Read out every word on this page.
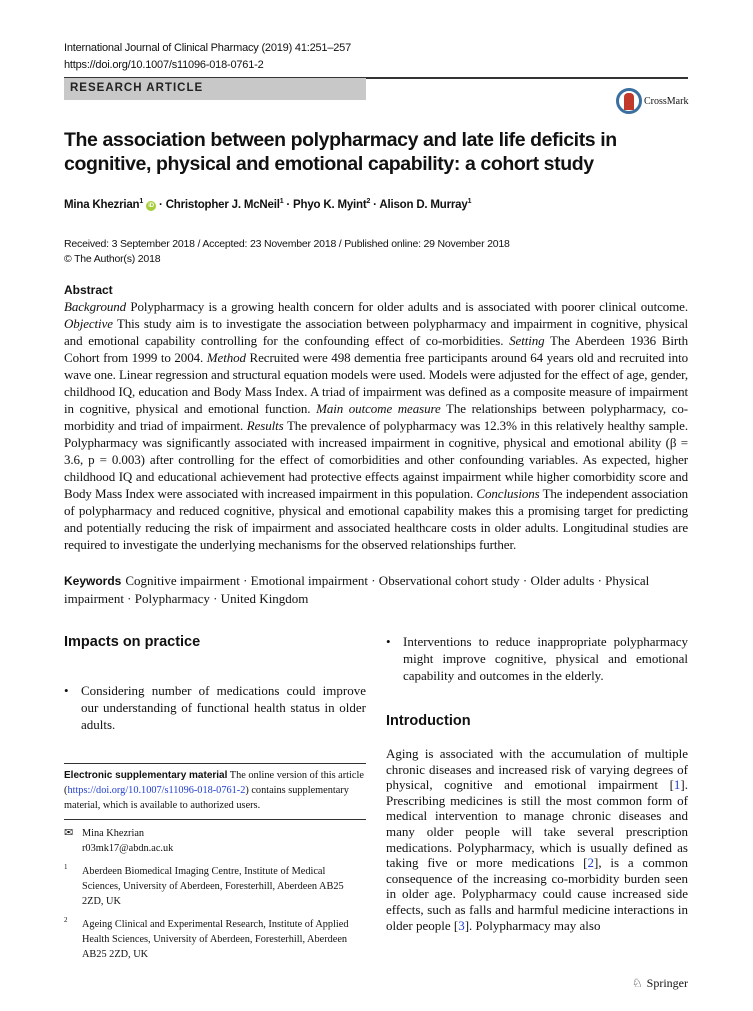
International Journal of Clinical Pharmacy (2019) 41:251–257
https://doi.org/10.1007/s11096-018-0761-2
RESEARCH ARTICLE
CrossMark
The association between polypharmacy and late life deficits in cognitive, physical and emotional capability: a cohort study
Mina Khezrian$^1$ iD · Christopher J. McNeil$^1$ · Phyo K. Myint$^2$ · Alison D. Murray$^1$
Received: 3 September 2018 / Accepted: 23 November 2018 / Published online: 29 November 2018
© The Author(s) 2018
Abstract

Background Polypharmacy is a growing health concern for older adults and is associated with poorer clinical outcome. Objective This study aim is to investigate the association between polypharmacy and impairment in cognitive, physical and emotional capability controlling for the confounding effect of co-morbidities. Setting The Aberdeen 1936 Birth Cohort from 1999 to 2004. Method Recruited were 498 dementia free participants around 64 years old and recruited into wave one. Linear regression and structural equation models were used. Models were adjusted for the effect of age, gender, childhood IQ, education and Body Mass Index. A triad of impairment was defined as a composite measure of impairment in cognitive, physical and emotional function. Main outcome measure The relationships between polypharmacy, co-morbidity and triad of impairment. Results The prevalence of polypharmacy was 12.3% in this relatively healthy sample. Polypharmacy was significantly associated with increased impairment in cognitive, physical and emotional ability (β = 3.6, p = 0.003) after controlling for the effect of comorbidities and other confounding variables. As expected, higher childhood IQ and educational achievement had protective effects against impairment while higher comorbidity score and Body Mass Index were associated with increased impairment in this population. Conclusions The independent association of polypharmacy and reduced cognitive, physical and emotional capability makes this a promising target for predicting and potentially reducing the risk of impairment and associated healthcare costs in older adults. Longitudinal studies are required to investigate the underlying mechanisms for the observed relationships further.

Keywords Cognitive impairment · Emotional impairment · Observational cohort study · Older adults · Physical impairment · Polypharmacy · United Kingdom

Impacts on practice

• Considering number of medications could improve our understanding of functional health status in older adults.

Electronic supplementary material The online version of this article (https://doi.org/10.1007/s11096-018-0761-2) contains supplementary material, which is available to authorized users.

✉ Mina Khezrian
r03mk17@abdn.ac.uk
1	Aberdeen Biomedical Imaging Centre, Institute of Medical Sciences, University of Aberdeen, Foresterhill, Aberdeen AB25 2ZD, UK
2	Ageing Clinical and Experimental Research, Institute of Applied Health Sciences, University of Aberdeen, Foresterhill, Aberdeen AB25 2ZD, UK

• Interventions to reduce inappropriate polypharmacy might improve cognitive, physical and emotional capability and outcomes in the elderly.

Introduction

Aging is associated with the accumulation of multiple chronic diseases and increased risk of varying degrees of physical, cognitive and emotional impairment [1]. Prescribing medicines is still the most common form of medical intervention to manage chronic diseases and many older people will take several prescription medications. Polypharmacy, which is usually defined as taking five or more medications [2], is a common consequence of the increasing co-morbidity burden seen in older age. Polypharmacy could cause increased side effects, such as falls and harmful medicine interactions in older people [3]. Polypharmacy may also

♘ Springer
